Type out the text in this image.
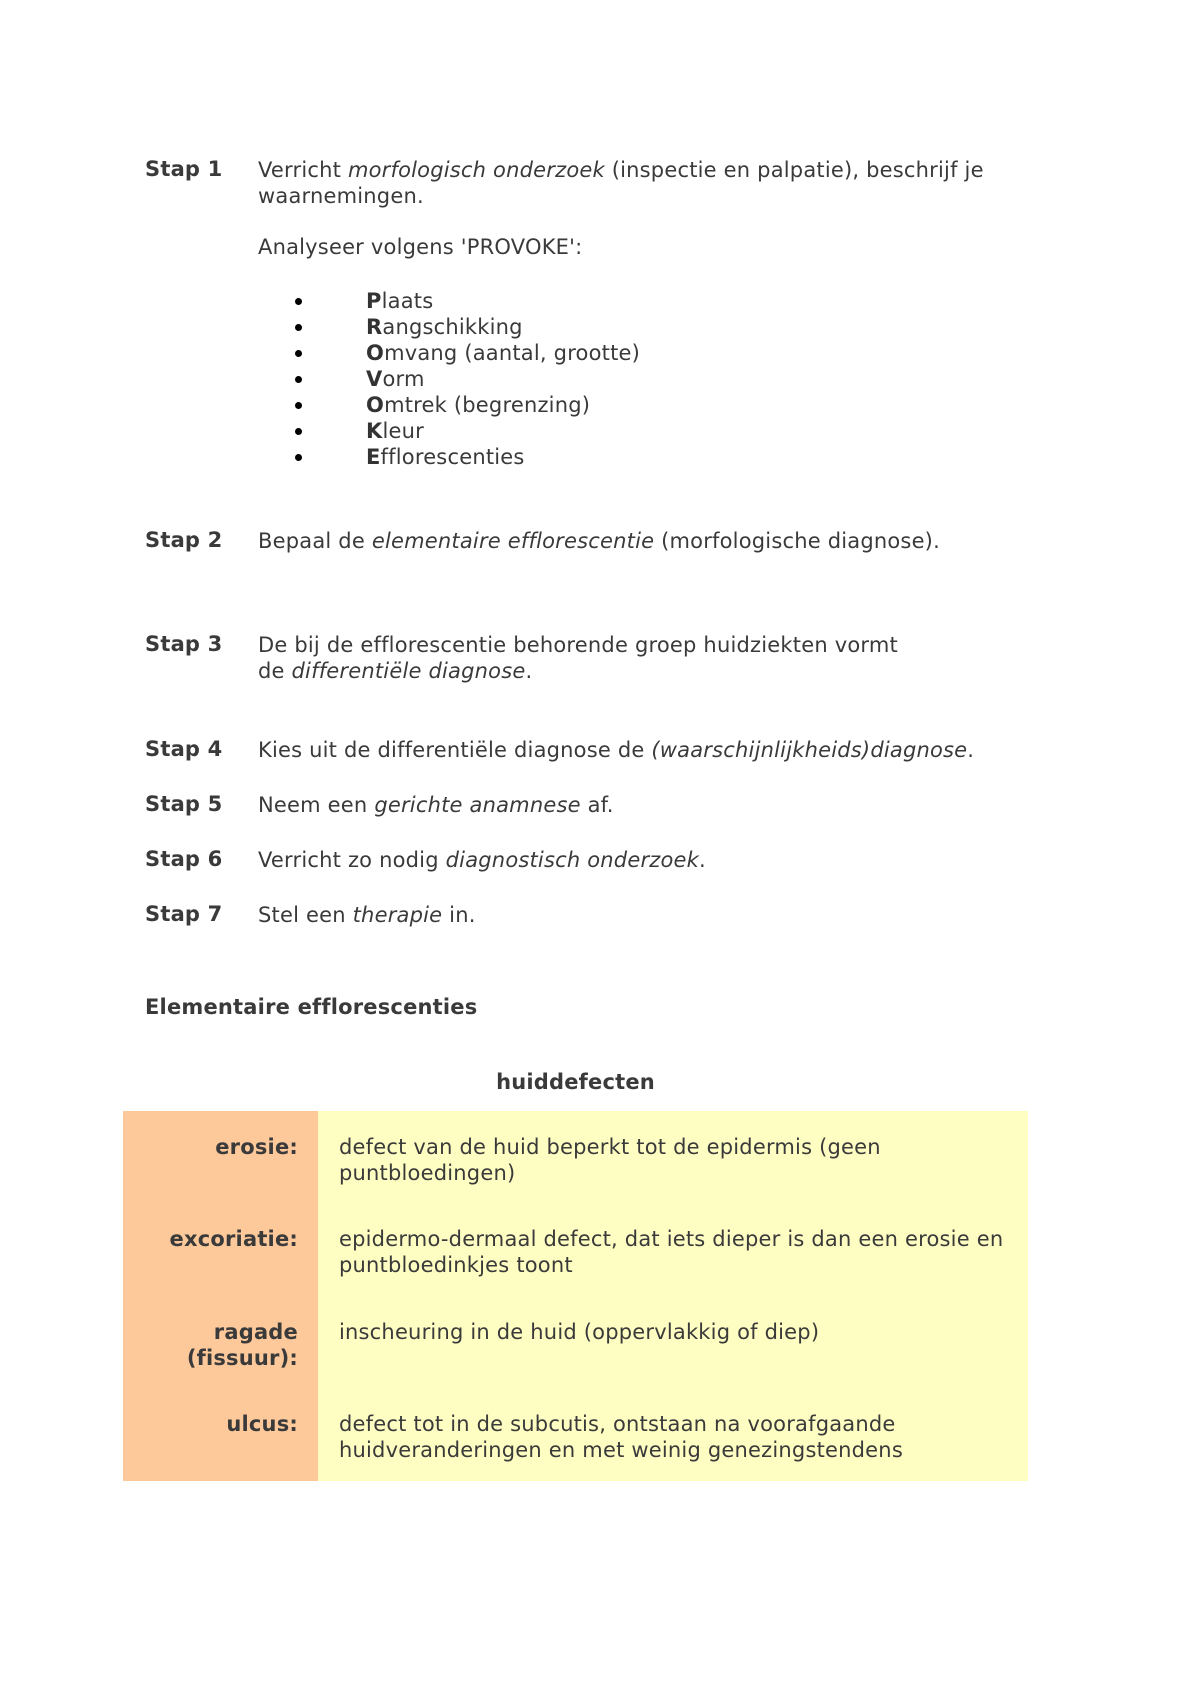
Stap 1 Verricht morfologisch onderzoek (inspectie en palpatie), beschrijf je waarnemingen.
Analyseer volgens 'PROVOKE':
Plaats
Rangschikking
Omvang (aantal, grootte)
Vorm
Omtrek (begrenzing)
Kleur
Efflorescenties
Stap 2 Bepaal de elementaire efflorescentie (morfologische diagnose).
Stap 3 De bij de efflorescentie behorende groep huidziekten vormt
de differentiële diagnose.
Stap 4 Kies uit de differentiële diagnose de (waarschijnlijkheids)diagnose.
Stap 5 Neem een gerichte anamnese af.
Stap 6 Verricht zo nodig diagnostisch onderzoek.
Stap 7 Stel een therapie in.
Elementaire efflorescenties
huiddefecten
erosie:	defect van de huid beperkt tot de epidermis (geen puntbloedingen)
excoriatie:	epidermo-dermaal defect, dat iets dieper is dan een erosie en puntbloedinkjes toont
ragade (fissuur):
inscheuring in de huid (oppervlakkig of diep)
ulcus:	defect tot in de subcutis, ontstaan na voorafgaande huidveranderingen en met weinig genezingstendens
